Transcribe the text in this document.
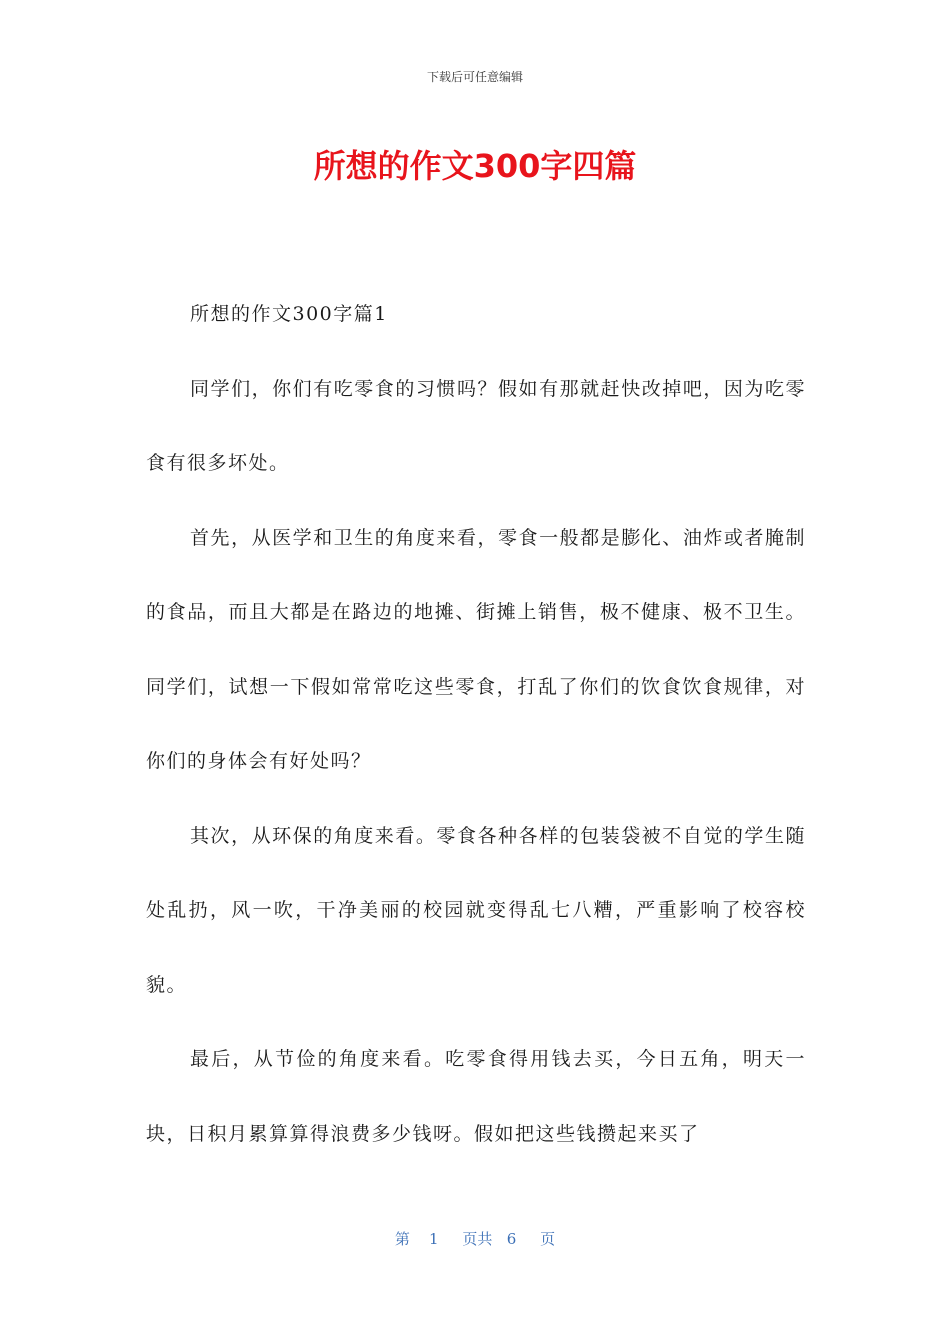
下载后可任意编辑
所想的作文300字四篇

所想的作文300字篇1

同学们，你们有吃零食的习惯吗？假如有那就赶快改掉吧，因为吃零食有很多坏处。

首先，从医学和卫生的角度来看，零食一般都是膨化、油炸或者腌制的食品，而且大都是在路边的地摊、街摊上销售，极不健康、极不卫生。同学们，试想一下假如常常吃这些零食，打乱了你们的饮食饮食规律，对你们的身体会有好处吗？

其次，从环保的角度来看。零食各种各样的包装袋被不自觉的学生随处乱扔，风一吹，干净美丽的校园就变得乱七八糟，严重影响了校容校貌。

最后，从节俭的角度来看。吃零食得用钱去买，今日五角，明天一块，日积月累算算得浪费多少钱呀。假如把这些钱攒起来买了

第 1 页共 6 页
